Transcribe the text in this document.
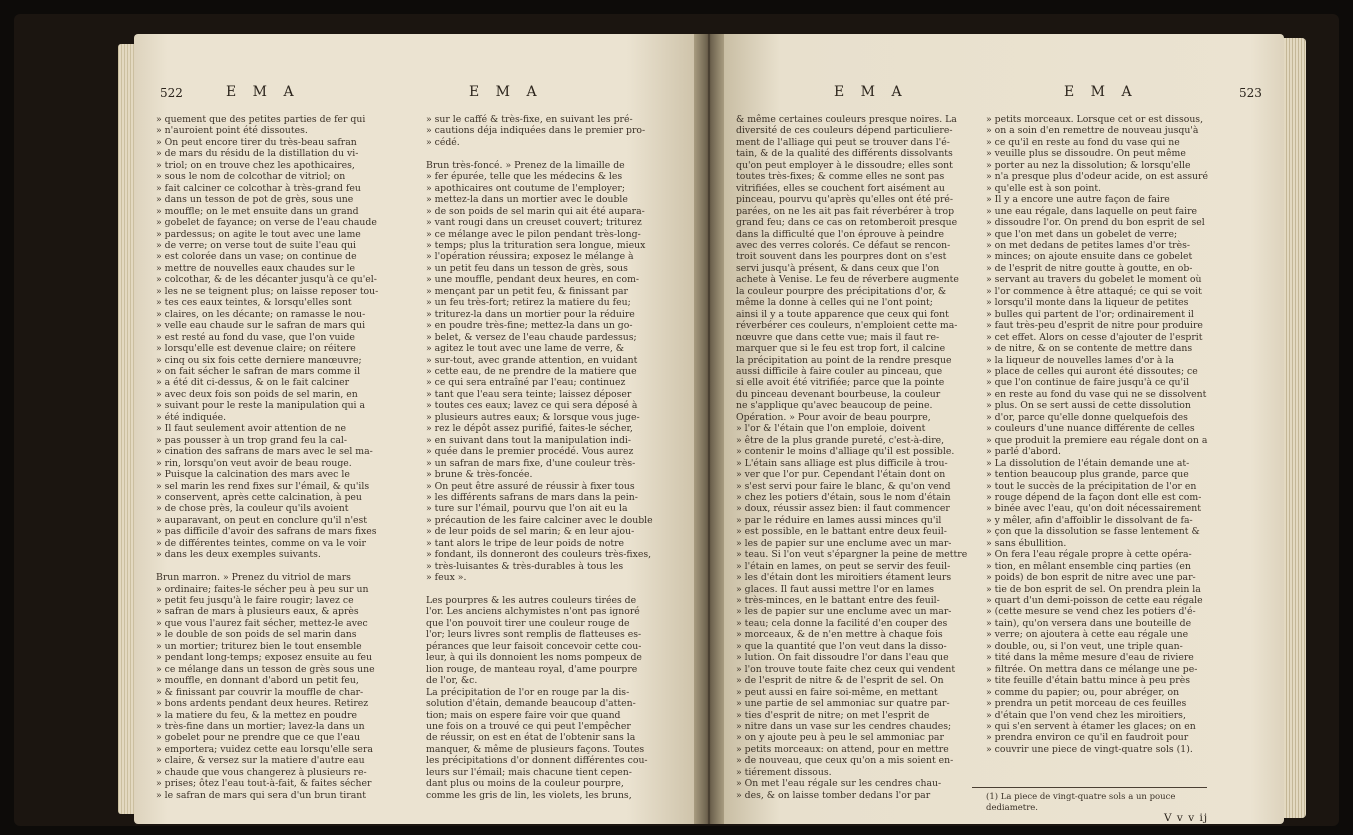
522	E M A	E M A
» quement que des petites parties de fer qui
» n'auroient point été dissoutes.
» On peut encore tirer du très-beau safran
» de mars du résidu de la distillation du vi-
» triol; on en trouve chez les apothicaires,
» sous le nom de colcothar de vitriol; on
» fait calciner ce colcothar à très-grand feu
» dans un tesson de pot de grès, sous une
» mouffle; on le met ensuite dans un grand
» gobelet de fayance; on verse de l'eau chaude
» pardessus; on agite le tout avec une lame
» de verre; on verse tout de suite l'eau qui
» est colorée dans un vase; on continue de
» mettre de nouvelles eaux chaudes sur le
» colcothar, & de les décanter jusqu'à ce qu'el-
» les ne se teignent plus; on laisse reposer tou-
» tes ces eaux teintes, & lorsqu'elles sont
» claires, on les décante; on ramasse le nou-
» velle eau chaude sur le safran de mars qui
» est resté au fond du vase, que l'on vuide
» lorsqu'elle est devenue claire; on réitere
» cinq ou six fois cette derniere manœuvre;
» on fait sécher le safran de mars comme il
» a été dit ci-dessus, & on le fait calciner
» avec deux fois son poids de sel marin, en
» suivant pour le reste la manipulation qui a
» été indiquée.
» Il faut seulement avoir attention de ne
» pas pousser à un trop grand feu la cal-
» cination des safrans de mars avec le sel ma-
» rin, lorsqu'on veut avoir de beau rouge.
» Puisque la calcination des mars avec le
» sel marin les rend fixes sur l'émail, & qu'ils
» conservent, après cette calcination, à peu
» de chose près, la couleur qu'ils avoient
» auparavant, on peut en conclure qu'il n'est
» pas difficile d'avoir des safrans de mars fixes
» de différentes teintes, comme on va le voir
» dans les deux exemples suivants.

Brun marron. » Prenez du vitriol de mars
» ordinaire; faites-le sécher peu à peu sur un
» petit feu jusqu'à le faire rougir; lavez ce
» safran de mars à plusieurs eaux, & après
» que vous l'aurez fait sécher, mettez-le avec
» le double de son poids de sel marin dans
» un mortier; triturez bien le tout ensemble
» pendant long-temps; exposez ensuite au feu
» ce mélange dans un tesson de grès sous une
» mouffle, en donnant d'abord un petit feu,
» & finissant par couvrir la mouffle de char-
» bons ardents pendant deux heures. Retirez
» la matiere du feu, & la mettez en poudre
» très-fine dans un mortier; lavez-la dans un
» gobelet pour ne prendre que ce que l'eau
» emportera; vuidez cette eau lorsqu'elle sera
» claire, & versez sur la matiere d'autre eau
» chaude que vous changerez à plusieurs re-
» prises; ôtez l'eau tout-à-fait, & faites sécher
» le safran de mars qui sera d'un brun tirant
» sur le caffé & très-fixe, en suivant les pré-
» cautions déja indiquées dans le premier pro-
» cédé.

Brun très-foncé. » Prenez de la limaille de
» fer épurée, telle que les médecins & les
» apothicaires ont coutume de l'employer;
» mettez-la dans un mortier avec le double
» de son poids de sel marin qui ait été aupara-
» vant rougi dans un creuset couvert; triturez
» ce mélange avec le pilon pendant très-long-
» temps; plus la trituration sera longue, mieux
» l'opération réussira; exposez le mélange à
» un petit feu dans un tesson de grès, sous
» une mouffle, pendant deux heures, en com-
» mençant par un petit feu, & finissant par
» un feu très-fort; retirez la matiere du feu;
» triturez-la dans un mortier pour la réduire
» en poudre très-fine; mettez-la dans un go-
» belet, & versez de l'eau chaude pardessus;
» agitez le tout avec une lame de verre, &
» sur-tout, avec grande attention, en vuidant
» cette eau, de ne prendre de la matiere que
» ce qui sera entraîné par l'eau; continuez
» tant que l'eau sera teinte; laissez déposer
» toutes ces eaux; lavez ce qui sera déposé à
» plusieurs autres eaux; & lorsque vous juge-
» rez le dépôt assez purifié, faites-le sécher,
» en suivant dans tout la manipulation indi-
» quée dans le premier procédé. Vous aurez
» un safran de mars fixe, d'une couleur très-
» brune & très-foncée.
» On peut être assuré de réussir à fixer tous
» les différents safrans de mars dans la pein-
» ture sur l'émail, pourvu que l'on ait eu la
» précaution de les faire calciner avec le double
» de leur poids de sel marin; & en leur ajou-
» tant alors le tripe de leur poids de notre
» fondant, ils donneront des couleurs très-fixes,
» très-luisantes & très-durables à tous les
» feux ».

Les pourpres & les autres couleurs tirées de
l'or. Les anciens alchymistes n'ont pas ignoré
que l'on pouvoit tirer une couleur rouge de
l'or; leurs livres sont remplis de flatteuses es-
pérances que leur faisoit concevoir cette cou-
leur, à qui ils donnoient les noms pompeux de
lion rouge, de manteau royal, d'ame pourpre
de l'or, &c.
La précipitation de l'or en rouge par la dis-
solution d'étain, demande beaucoup d'atten-
tion; mais on espere faire voir que quand
une fois on a trouvé ce qui peut l'empêcher
de réussir, on est en état de l'obtenir sans la
manquer, & même de plusieurs façons. Toutes
les précipitations d'or donnent différentes cou-
leurs sur l'émail; mais chacune tient cepen-
dant plus ou moins de la couleur pourpre,
comme les gris de lin, les violets, les bruns,
E M A	E M A	523
& même certaines couleurs presque noires. La
diversité de ces couleurs dépend particuliere-
ment de l'alliage qui peut se trouver dans l'é-
tain, & de la qualité des différents dissolvants
qu'on peut employer à le dissoudre; elles sont
toutes très-fixes; & comme elles ne sont pas
vitrifiées, elles se couchent fort aisément au
pinceau, pourvu qu'après qu'elles ont été pré-
parées, on ne les ait pas fait réverbérer à trop
grand feu; dans ce cas on retomberoit presque
dans la difficulté que l'on éprouve à peindre
avec des verres colorés. Ce défaut se rencon-
troit souvent dans les pourpres dont on s'est
servi jusqu'à présent, & dans ceux que l'on
achete à Venise. Le feu de réverbere augmente
la couleur pourpre des précipitations d'or, &
même la donne à celles qui ne l'ont point;
ainsi il y a toute apparence que ceux qui font
réverbérer ces couleurs, n'emploient cette ma-
nœuvre que dans cette vue; mais il faut re-
marquer que si le feu est trop fort, il calcine
la précipitation au point de la rendre presque
aussi difficile à faire couler au pinceau, que
si elle avoit été vitrifiée; parce que la pointe
du pinceau devenant bourbeuse, la couleur
ne s'applique qu'avec beaucoup de peine.
Opération. » Pour avoir de beau pourpre,
» l'or & l'étain que l'on emploie, doivent
» être de la plus grande pureté, c'est-à-dire,
» contenir le moins d'alliage qu'il est possible.
» L'étain sans alliage est plus difficile à trou-
» ver que l'or pur. Cependant l'étain dont on
» s'est servi pour faire le blanc, & qu'on vend
» chez les potiers d'étain, sous le nom d'étain
» doux, réussir assez bien: il faut commencer
» par le réduire en lames aussi minces qu'il
» est possible, en le battant entre deux feuil-
» les de papier sur une enclume avec un mar-
» teau. Si l'on veut s'épargner la peine de mettre
» l'étain en lames, on peut se servir des feuil-
» les d'étain dont les miroitiers étament leurs
» glaces. Il faut aussi mettre l'or en lames
» très-minces, en le battant entre des feuil-
» les de papier sur une enclume avec un mar-
» teau; cela donne la facilité d'en couper des
» morceaux, & de n'en mettre à chaque fois
» que la quantité que l'on veut dans la disso-
» lution. On fait dissoudre l'or dans l'eau que
» l'on trouve toute faite chez ceux qui vendent
» de l'esprit de nitre & de l'esprit de sel. On
» peut aussi en faire soi-même, en mettant
» une partie de sel ammoniac sur quatre par-
» ties d'esprit de nitre; on met l'esprit de
» nitre dans un vase sur les cendres chaudes;
» on y ajoute peu à peu le sel ammoniac par
» petits morceaux: on attend, pour en mettre
» de nouveau, que ceux qu'on a mis soient en-
» tiérement dissous.
» On met l'eau régale sur les cendres chau-
» des, & on laisse tomber dedans l'or par
» petits morceaux. Lorsque cet or est dissous,
» on a soin d'en remettre de nouveau jusqu'à
» ce qu'il en reste au fond du vase qui ne
» veuille plus se dissoudre. On peut même
» porter au nez la dissolution; & lorsqu'elle
» n'a presque plus d'odeur acide, on est assuré
» qu'elle est à son point.
» Il y a encore une autre façon de faire
» une eau régale, dans laquelle on peut faire
» dissoudre l'or. On prend du bon esprit de sel
» que l'on met dans un gobelet de verre;
» on met dedans de petites lames d'or très-
» minces; on ajoute ensuite dans ce gobelet
» de l'esprit de nitre goutte à goutte, en ob-
» servant au travers du gobelet le moment où
» l'or commence à être attaqué; ce qui se voit
» lorsqu'il monte dans la liqueur de petites
» bulles qui partent de l'or; ordinairement il
» faut très-peu d'esprit de nitre pour produire
» cet effet. Alors on cesse d'ajouter de l'esprit
» de nitre, & on se contente de mettre dans
» la liqueur de nouvelles lames d'or à la
» place de celles qui auront été dissoutes; ce
» que l'on continue de faire jusqu'à ce qu'il
» en reste au fond du vase qui ne se dissolvent
» plus. On se sert aussi de cette dissolution
» d'or, parce qu'elle donne quelquefois des
» couleurs d'une nuance différente de celles
» que produit la premiere eau régale dont on a
» parlé d'abord.
» La dissolution de l'étain demande une at-
» tention beaucoup plus grande, parce que
» tout le succès de la précipitation de l'or en
» rouge dépend de la façon dont elle est com-
» binée avec l'eau, qu'on doit nécessairement
» y mêler, afin d'affoiblir le dissolvant de fa-
» çon que la dissolution se fasse lentement &
» sans ébullition.
» On fera l'eau régale propre à cette opéra-
» tion, en mêlant ensemble cinq parties (en
» poids) de bon esprit de nitre avec une par-
» tie de bon esprit de sel. On prendra plein la
» quart d'un demi-poisson de cette eau régale
» (cette mesure se vend chez les potiers d'é-
» tain), qu'on versera dans une bouteille de
» verre; on ajoutera à cette eau régale une
» double, ou, si l'on veut, une triple quan-
» tité dans la même mesure d'eau de riviere
» filtrée. On mettra dans ce mélange une pe-
» tite feuille d'étain battu mince à peu près
» comme du papier; ou, pour abréger, on
» prendra un petit morceau de ces feuilles
» d'étain que l'on vend chez les miroitiers,
» qui s'en servent à étamer les glaces; on en
» prendra environ ce qu'il en faudroit pour
» couvrir une piece de vingt-quatre sols (1).
(1) La piece de vingt-quatre sols a un pouce dediametre.
V v v ij
